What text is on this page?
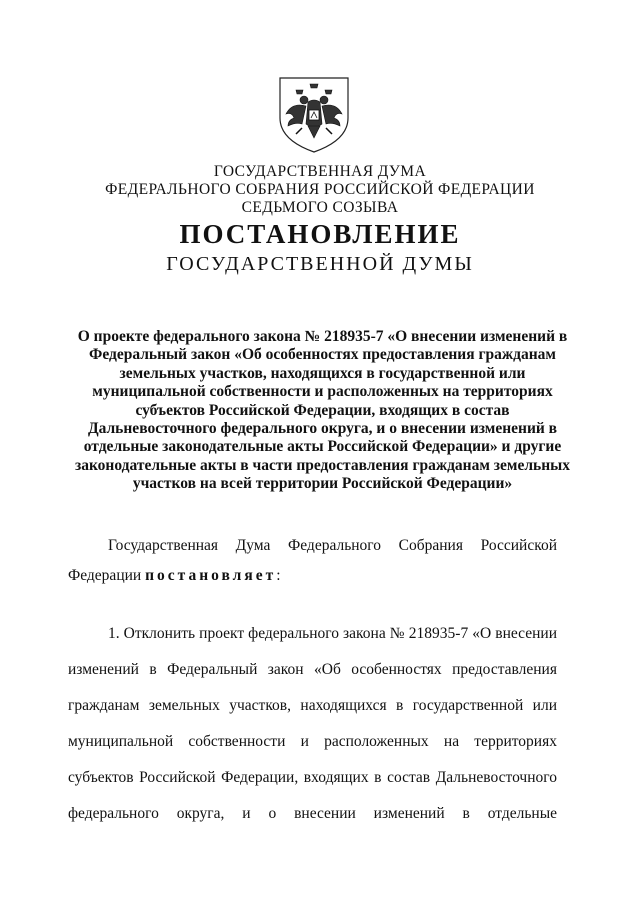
ГОСУДАРСТВЕННАЯ ДУМА
ФЕДЕРАЛЬНОГО СОБРАНИЯ РОССИЙСКОЙ ФЕДЕРАЦИИ
СЕДЬМОГО СОЗЫВА
ПОСТАНОВЛЕНИЕ
ГОСУДАРСТВЕННОЙ ДУМЫ
О проекте федерального закона № 218935-7 «О внесении изменений в
Федеральный закон «Об особенностях предоставления гражданам
земельных участков, находящихся в государственной или
муниципальной собственности и расположенных на территориях
субъектов Российской Федерации, входящих в состав
Дальневосточного федерального округа, и о внесении изменений в
отдельные законодательные акты Российской Федерации» и другие
законодательные акты в части предоставления гражданам земельных
участков на всей территории Российской Федерации»
Государственная Дума Федерального Собрания Российской
Федерации постановляет:
1. Отклонить проект федерального закона № 218935-7 «О внесении
изменений в Федеральный закон «Об особенностях предоставления
гражданам земельных участков, находящихся в государственной или
муниципальной собственности и расположенных на территориях
субъектов Российской Федерации, входящих в состав Дальневосточного
федерального округа, и о внесении изменений в отдельные
